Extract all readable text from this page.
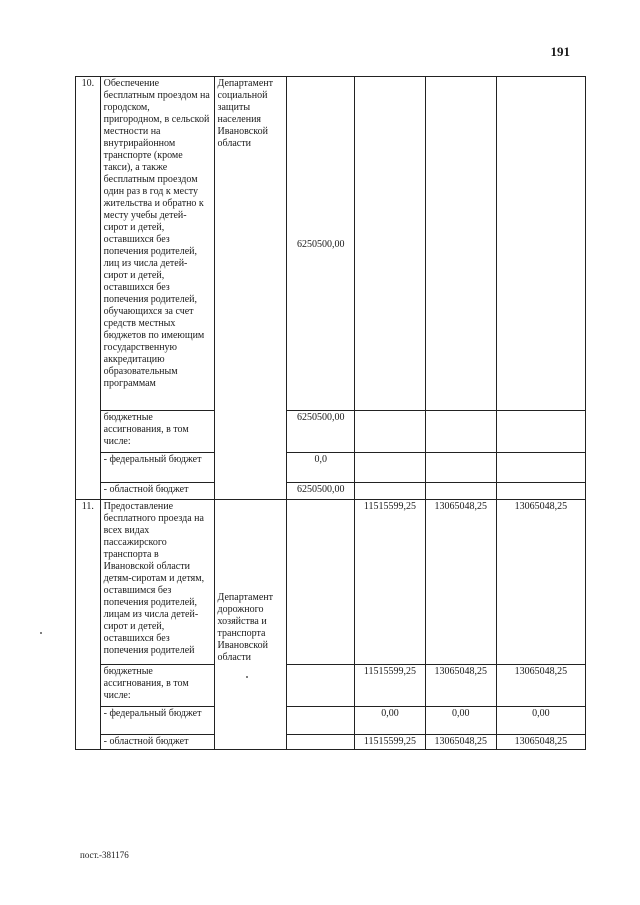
191
10.	Обеспечение бесплатным проездом на городском, пригородном, в сельской местности на внутрирайонном транспорте (кроме такси), а также бесплатным проездом один раз в год к месту жительства и обратно к месту учебы детей-сирот и детей, оставшихся без попечения родителей, лиц из числа детей-сирот и детей, оставшихся без попечения родителей, обучающихся за счет средств местных бюджетов по имеющим государственную аккредитацию образовательным программам	Департамент социальной защиты населения Ивановской области	6250500,00			
	бюджетные ассигнования, в том числе:		6250500,00			
	- федеральный бюджет		0,0			
	- областной бюджет		6250500,00			
11.	Предоставление бесплатного проезда на всех видах пассажирского транспорта в Ивановской области детям-сиротам и детям, оставшимся без попечения родителей, лицам из числа детей-сирот и детей, оставшихся без попечения родителей	Департамент дорожного хозяйства и транспорта Ивановской области		11515599,25	13065048,25	13065048,25
	бюджетные ассигнования, в том числе:			11515599,25	13065048,25	13065048,25
	- федеральный бюджет			0,00	0,00	0,00
	- областной бюджет			11515599,25	13065048,25	13065048,25
пост.-381176
